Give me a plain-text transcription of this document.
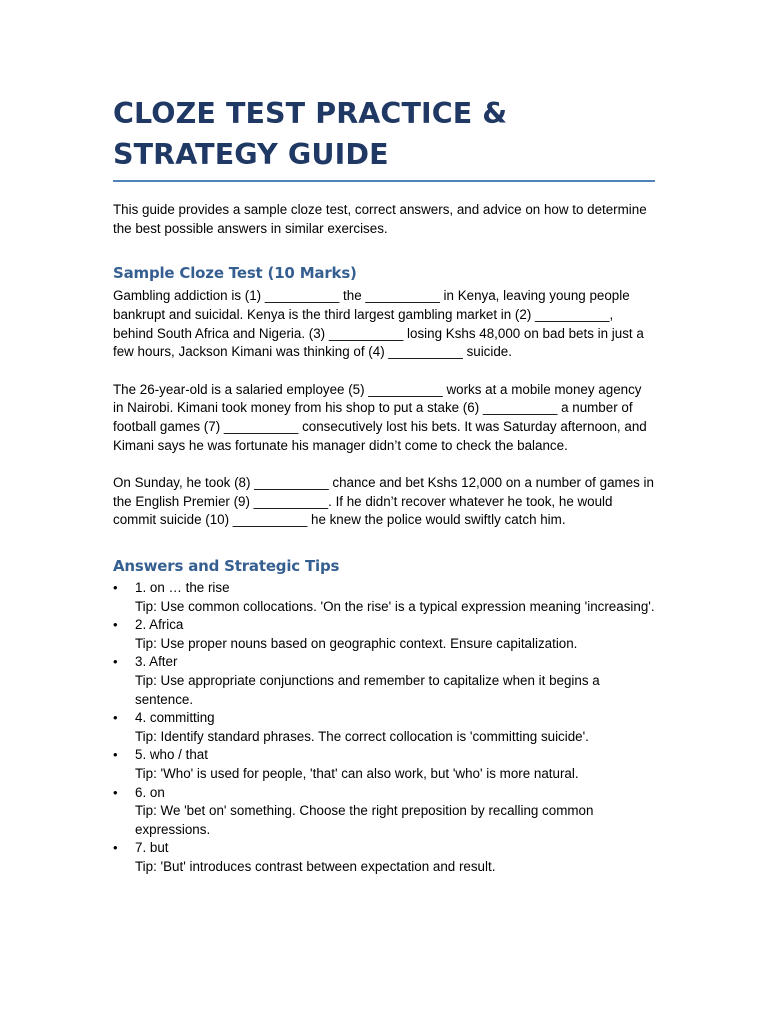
CLOZE TEST PRACTICE & STRATEGY GUIDE

This guide provides a sample cloze test, correct answers, and advice on how to determine the best possible answers in similar exercises.

Sample Cloze Test (10 Marks)

Gambling addiction is (1) __________ the __________ in Kenya, leaving young people bankrupt and suicidal. Kenya is the third largest gambling market in (2) __________, behind South Africa and Nigeria. (3) __________ losing Kshs 48,000 on bad bets in just a few hours, Jackson Kimani was thinking of (4) __________ suicide.

The 26-year-old is a salaried employee (5) __________ works at a mobile money agency in Nairobi. Kimani took money from his shop to put a stake (6) __________ a number of football games (7) __________ consecutively lost his bets. It was Saturday afternoon, and Kimani says he was fortunate his manager didn’t come to check the balance.

On Sunday, he took (8) __________ chance and bet Kshs 12,000 on a number of games in the English Premier (9) __________. If he didn’t recover whatever he took, he would commit suicide (10) __________ he knew the police would swiftly catch him.

Answers and Strategic Tips
• 1. on … the rise
Tip: Use common collocations. 'On the rise' is a typical expression meaning 'increasing'.
• 2. Africa
Tip: Use proper nouns based on geographic context. Ensure capitalization.
• 3. After
Tip: Use appropriate conjunctions and remember to capitalize when it begins a sentence.
• 4. committing
Tip: Identify standard phrases. The correct collocation is 'committing suicide'.
• 5. who / that
Tip: 'Who' is used for people, 'that' can also work, but 'who' is more natural.
• 6. on
Tip: We 'bet on' something. Choose the right preposition by recalling common expressions.
• 7. but
Tip: 'But' introduces contrast between expectation and result.
